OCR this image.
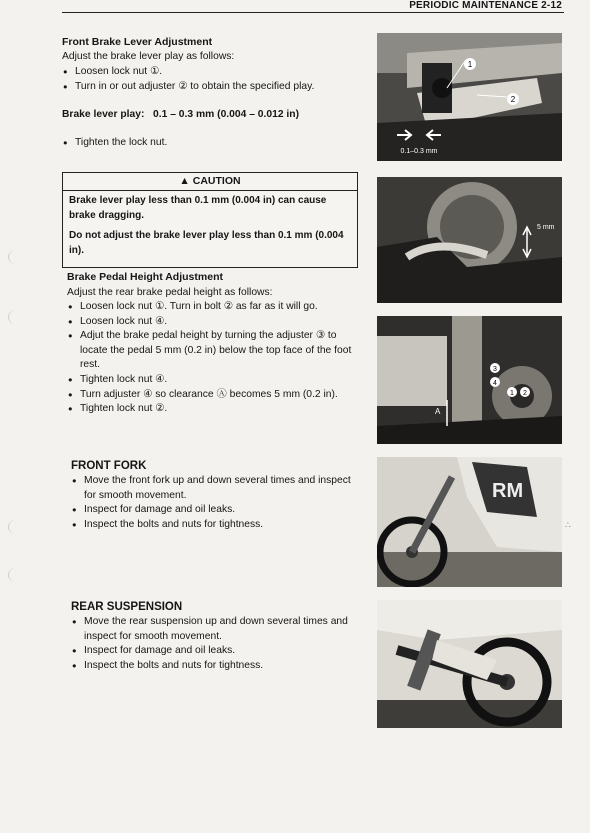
PERIODIC MAINTENANCE 2-12
Front Brake Lever Adjustment
Adjust the brake lever play as follows:
● Loosen lock nut ①.
● Turn in or out adjuster ② to obtain the specified play.
Brake lever play: 0.1 – 0.3 mm (0.004 – 0.012 in)
● Tighten the lock nut.
▲ CAUTION
Brake lever play less than 0.1 mm (0.004 in) can cause brake dragging.
Do not adjust the brake lever play less than 0.1 mm (0.004 in).
Brake Pedal Height Adjustment
Adjust the rear brake pedal height as follows:
● Loosen lock nut ①. Turn in bolt ② as far as it will go.
● Loosen lock nut ④.
● Adjut the brake pedal height by turning the adjuster ③ to locate the pedal 5 mm (0.2 in) below the top face of the foot rest.
● Tighten lock nut ④.
● Turn adjuster ④ so clearance Ⓐ becomes 5 mm (0.2 in).
● Tighten lock nut ②.
FRONT FORK
● Move the front fork up and down several times and inspect for smooth movement.
● Inspect for damage and oil leaks.
● Inspect the bolts and nuts for tightness.
REAR SUSPENSION
● Move the rear suspension up and down several times and inspect for smooth movement.
● Inspect for damage and oil leaks.
● Inspect the bolts and nuts for tightness.
1
2
0.1–0.3 mm
5 mm
3
4
1 2
A
RM
∴
